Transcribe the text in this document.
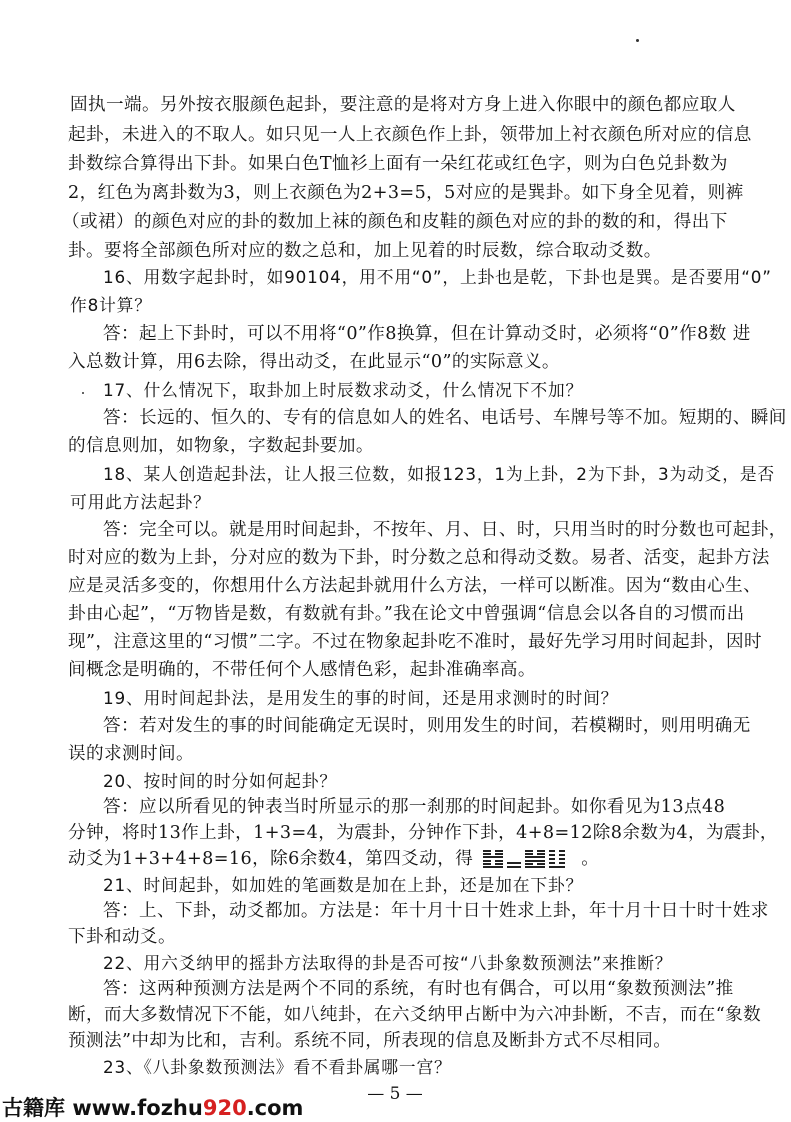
动爻为1+3+4+8=16，除6余数4，第四爻动，得	。
— 5 —
古籍库 www.fozhu920.com
固执一端。另外按衣服颜色起卦，要注意的是将对方身上进入你眼中的颜色都应取人
起卦，未进入的不取人。如只见一人上衣颜色作上卦，领带加上衬衣颜色所对应的信息
卦数综合算得出下卦。如果白色T恤衫上面有一朵红花或红色字，则为白色兑卦数为
2，红色为离卦数为3，则上衣颜色为2+3=5，5对应的是巽卦。如下身全见着，则裤
（或裙）的颜色对应的卦的数加上袜的颜色和皮鞋的颜色对应的卦的数的和，得出下
卦。要将全部颜色所对应的数之总和，加上见着的时辰数，综合取动爻数。
16、用数字起卦时，如90104，用不用“0”，上卦也是乾，下卦也是巽。是否要用“0”
作8计算？
答：起上下卦时，可以不用将“0”作8换算，但在计算动爻时，必须将“0”作8数 进
入总数计算，用6去除，得出动爻，在此显示“0”的实际意义。
17、什么情况下，取卦加上时辰数求动爻，什么情况下不加？
答：长远的、恒久的、专有的信息如人的姓名、电话号、车牌号等不加。短期的、瞬间
的信息则加，如物象，字数起卦要加。
18、某人创造起卦法，让人报三位数，如报123，1为上卦，2为下卦，3为动爻，是否
可用此方法起卦？
答：完全可以。就是用时间起卦，不按年、月、日、时，只用当时的时分数也可起卦，
时对应的数为上卦，分对应的数为下卦，时分数之总和得动爻数。易者、活变，起卦方法
应是灵活多变的，你想用什么方法起卦就用什么方法，一样可以断准。因为“数由心生、
卦由心起”，“万物皆是数，有数就有卦。”我在论文中曾强调“信息会以各自的习惯而出
现”，注意这里的“习惯”二字。不过在物象起卦吃不准时，最好先学习用时间起卦，因时
间概念是明确的，不带任何个人感情色彩，起卦准确率高。
19、用时间起卦法，是用发生的事的时间，还是用求测时的时间？
答：若对发生的事的时间能确定无误时，则用发生的时间，若模糊时，则用明确无
误的求测时间。
20、按时间的时分如何起卦？
答：应以所看见的钟表当时所显示的那一刹那的时间起卦。如你看见为13点48
分钟，将时13作上卦，1+3=4，为震卦，分钟作下卦，4+8=12除8余数为4，为震卦，
21、时间起卦，如加姓的笔画数是加在上卦，还是加在下卦？
答：上、下卦，动爻都加。方法是：年十月十日十姓求上卦，年十月十日十时十姓求
下卦和动爻。
22、用六爻纳甲的摇卦方法取得的卦是否可按“八卦象数预测法”来推断？
答：这两种预测方法是两个不同的系统，有时也有偶合，可以用“象数预测法”推
断，而大多数情况下不能，如八纯卦，在六爻纳甲占断中为六冲卦断，不吉，而在“象数
预测法”中却为比和，吉利。系统不同，所表现的信息及断卦方式不尽相同。
23、《八卦象数预测法》看不看卦属哪一宫？
